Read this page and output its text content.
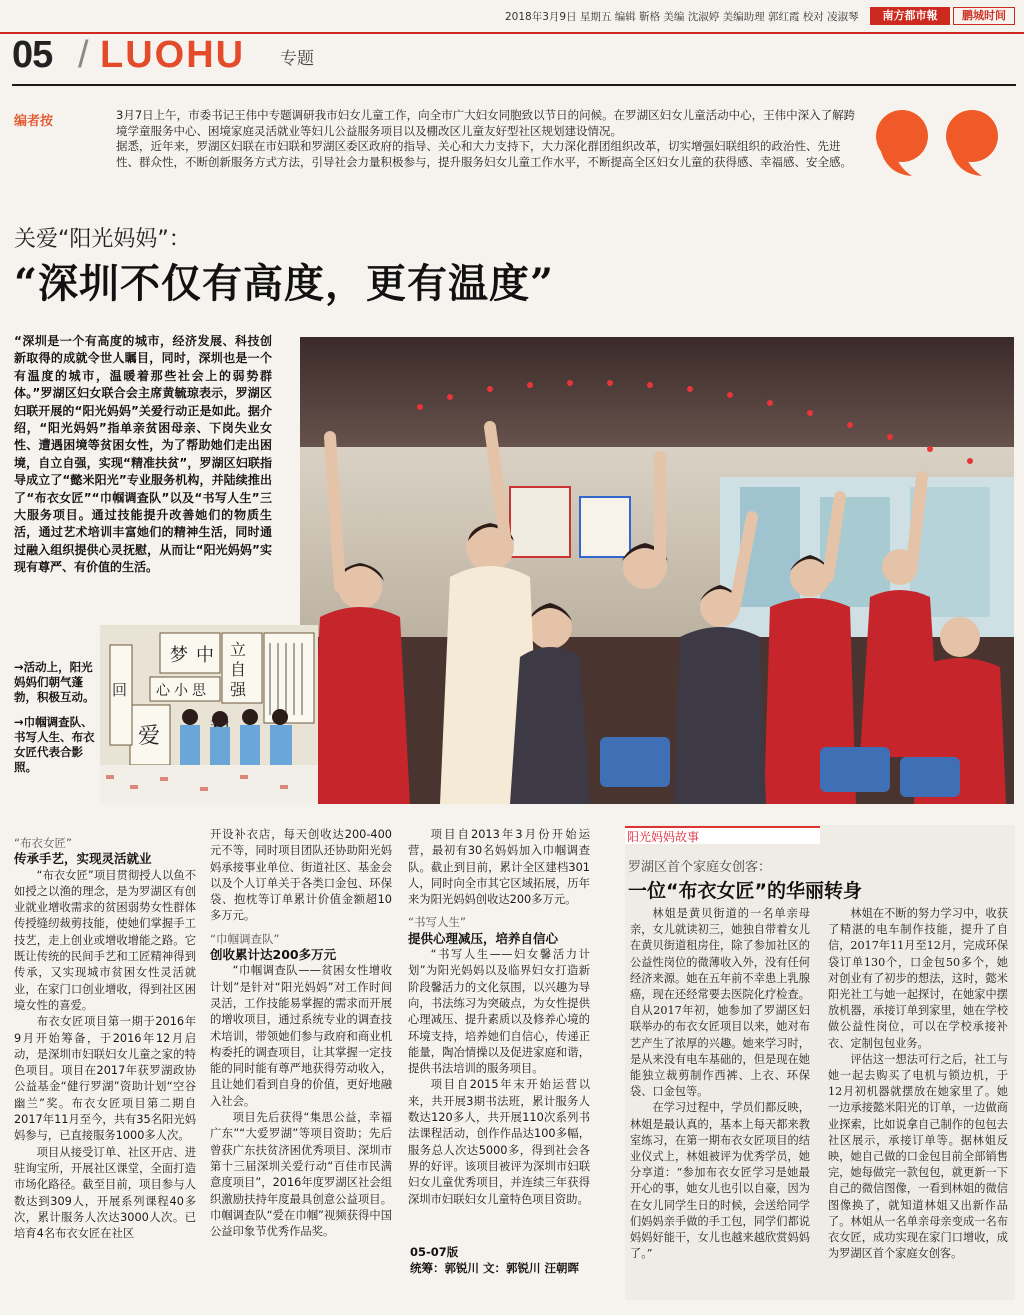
2018年3月9日 星期五 编辑 靳格 美编 沈淑婷 美编助理 郭红霞 校对 凌淑琴	南方都市報	鹏城时间
05 / LUOHU 专题
编者按	3月7日上午，市委书记王伟中专题调研我市妇女儿童工作，向全市广大妇女同胞致以节日的问候。在罗湖区妇女儿童活动中心，王伟中深入了解跨境学童服务中心、困境家庭灵活就业等妇儿公益服务项目以及棚改区儿童友好型社区规划建设情况。

据悉，近年来，罗湖区妇联在市妇联和罗湖区委区政府的指导、关心和大力支持下，大力深化群团组织改革，切实增强妇联组织的政治性、先进性、群众性，不断创新服务方式方法，引导社会力量积极参与，提升服务妇女儿童工作水平，不断提高全区妇女儿童的获得感、幸福感、安全感。

关爱“阳光妈妈”：
“深圳不仅有高度，更有温度”
“深圳是一个有高度的城市，经济发展、科技创新取得的成就令世人瞩目，同时，深圳也是一个有温度的城市，温暖着那些社会上的弱势群体。”罗湖区妇女联合会主席黄毓琼表示，罗湖区妇联开展的“阳光妈妈”关爱行动正是如此。据介绍，“阳光妈妈”指单亲贫困母亲、下岗失业女性、遭遇困境等贫困女性，为了帮助她们走出困境，自立自强，实现“精准扶贫”，罗湖区妇联指导成立了“懿米阳光”专业服务机构，并陆续推出了“布衣女匠”“巾帼调查队”以及“书写人生”三大服务项目。通过技能提升改善她们的物质生活，通过艺术培训丰富她们的精神生活，同时通过融入组织提供心灵抚慰，从而让“阳光妈妈”实现有尊严、有价值的生活。
梦 中 立
自
强
心 小 思
爱
回

→活动上，阳光妈妈们朝气蓬勃，积极互动。

→巾帼调查队、书写人生、布衣女匠代表合影照。

“布衣女匠”

传承手艺，实现灵活就业

“布衣女匠”项目贯彻授人以鱼不如授之以渔的理念，是为罗湖区有创业就业增收需求的贫困弱势女性群体传授缝纫裁剪技能，使她们掌握手工技艺，走上创业或增收增能之路。它既让传统的民间手艺和工匠精神得到传承，又实现城市贫困女性灵活就业，在家门口创业增收，得到社区困境女性的喜爱。

布衣女匠项目第一期于2016年9月开始筹备，于2016年12月启动，是深圳市妇联妇女儿童之家的特色项目。项目在2017年获罗湖政协公益基金“健行罗湖”资助计划“空谷幽兰”奖。布衣女匠项目第二期自2017年11月至今，共有35名阳光妈妈参与，已直接服务1000多人次。

项目从接受订单、社区开店、进驻询宝所，开展社区课堂，全面打造市场化路径。截至目前，项目参与人数达到309人，开展系列课程40多次，累计服务人次达3000人次。已培育4名布衣女匠在社区

开设补衣店，每天创收达200-400元不等，同时项目团队还协助阳光妈妈承接事业单位、街道社区、基金会以及个人订单关于各类口金包、环保袋、抱枕等订单累计价值金额超10多万元。

“巾帼调查队”

创收累计达200多万元

“巾帼调查队——贫困女性增收计划”是针对“阳光妈妈”对工作时间灵活，工作技能易掌握的需求而开展的增收项目，通过系统专业的调查技术培训，带领她们参与政府和商业机构委托的调查项目，让其掌握一定技能的同时能有尊严地获得劳动收入，且让她们看到自身的价值，更好地融入社会。

项目先后获得“集思公益，幸福广东”“大爱罗湖”等项目资助；先后曾获广东扶贫济困优秀项目、深圳市第十三届深圳关爱行动“百佳市民满意度项目”，2016年度罗湖区社会组织激励扶持年度最具创意公益项目。巾帼调查队“爱在巾帼”视频获得中国公益印象节优秀作品奖。

项目自2013年3月份开始运营，最初有30名妈妈加入巾帼调查队。截止到目前，累计全区建档301人，同时向全市其它区域拓展，历年来为阳光妈妈创收达200多万元。

“书写人生”

提供心理减压，培养自信心

“书写人生——妇女馨活力计划”为阳光妈妈以及临界妇女打造新阶段馨活力的文化氛围，以兴趣为导向，书法练习为突破点，为女性提供心理减压、提升素质以及修养心境的环境支持，培养她们自信心，传递正能量，陶冶情操以及促进家庭和谐，提供书法培训的服务项目。

项目自2015年末开始运营以来，共开展3期书法班，累计服务人数达120多人，共开展110次系列书法课程活动，创作作品达100多幅，服务总人次达5000多，得到社会各界的好评。该项目被评为深圳市妇联妇女儿童优秀项目，并连续三年获得深圳市妇联妇女儿童特色项目资助。

05-07版
统筹：郭锐川 文：郭锐川 汪朝晖
阳光妈妈故事
罗湖区首个家庭女创客：
一位“布衣女匠”的华丽转身

林姐是黄贝街道的一名单亲母亲，女儿就读初三，她独自带着女儿在黄贝街道租房住，除了参加社区的公益性岗位的微薄收入外，没有任何经济来源。她在五年前不幸患上乳腺癌，现在还经常要去医院化疗检查。自从2017年初，她参加了罗湖区妇联举办的布衣女匠项目以来，她对布艺产生了浓厚的兴趣。她来学习时，是从来没有电车基础的，但是现在她能独立裁剪制作西裤、上衣、环保袋、口金包等。

在学习过程中，学员们都反映，林姐是最认真的，基本上每天都来教室练习，在第一期布衣女匠项目的结业仪式上，林姐被评为优秀学员，她分享道：“参加布衣女匠学习是她最开心的事，她女儿也引以自豪，因为在女儿同学生日的时候，会送给同学们妈妈亲手做的手工包，同学们都说妈妈好能干，女儿也越来越欣赏妈妈了。”

林姐在不断的努力学习中，收获了精湛的电车制作技能，提升了自信，2017年11月至12月，完成环保袋订单130个，口金包50多个，她对创业有了初步的想法，这时，懿米阳光社工与她一起探讨，在她家中摆放机器，承接订单到家里，她在学校做公益性岗位，可以在学校承接补衣、定制包包业务。

评估这一想法可行之后，社工与她一起去购买了电机与锁边机，于12月初机器就摆放在她家里了。她一边承接懿米阳光的订单，一边做商业探索，比如说拿自己制作的包包去社区展示，承接订单等。据林姐反映，她自己做的口金包目前全部销售完，她每做完一款包包，就更新一下自己的微信图像，一看到林姐的微信图像换了，就知道林姐又出新作品了。林姐从一名单亲母亲变成一名布衣女匠，成功实现在家门口增收，成为罗湖区首个家庭女创客。
